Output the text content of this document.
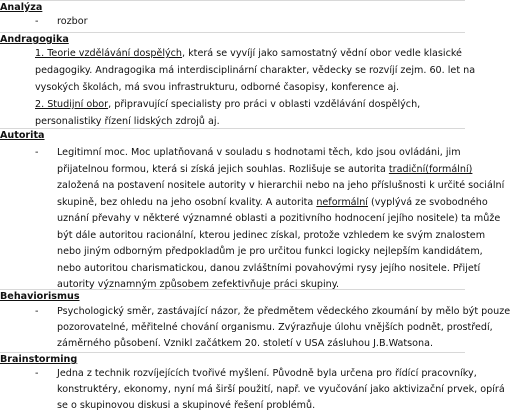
Analýza
- rozbor
Andragogika
1. Teorie vzdělávání dospělých, která se vyvíjí jako samostatný vědní obor vedle klasické
pedagogiky. Andragogika má interdisciplinární charakter, vědecky se rozvíjí zejm. 60. let na
vysokých školách, má svou infrastrukturu, odborné časopisy, konference aj.
2. Studijní obor, připravující specialisty pro práci v oblasti vzdělávání dospělých,
personalistiky řízení lidských zdrojů aj.
Autorita
- Legitimní moc. Moc uplatňovaná v souladu s hodnotami těch, kdo jsou ovládáni, jim
přijatelnou formou, která si získá jejich souhlas. Rozlišuje se autorita tradiční(formální)
založená na postavení nositele autority v hierarchii nebo na jeho příslušnosti k určité sociální
skupině, bez ohledu na jeho osobní kvality. A autorita neformální (vyplývá ze svobodného
uznání převahy v některé významné oblasti a pozitivního hodnocení jejího nositele) ta může
být dále autoritou racionální, kterou jedinec získal, protože vzhledem ke svým znalostem
nebo jiným odborným předpokladům je pro určitou funkci logicky nejlepším kandidátem,
nebo autoritou charismatickou, danou zvláštními povahovými rysy jejího nositele. Přijetí
autority významným způsobem zefektivňuje práci skupiny.
Behaviorismus
- Psychologický směr, zastávající názor, že předmětem vědeckého zkoumání by mělo být pouze
pozorovatelné, měřitelné chování organismu. Zvýrazňuje úlohu vnějších podnět, prostředí,
záměrného působení. Vznikl začátkem 20. století v USA zásluhou J.B.Watsona.
Brainstorming
- Jedna z technik rozvíjejících tvořivé myšlení. Původně byla určena pro řídící pracovníky,
konstruktéry, ekonomy, nyní má širší použití, např. ve vyučování jako aktivizační prvek, opírá
se o skupinovou diskusi a skupinové řešení problémů.
